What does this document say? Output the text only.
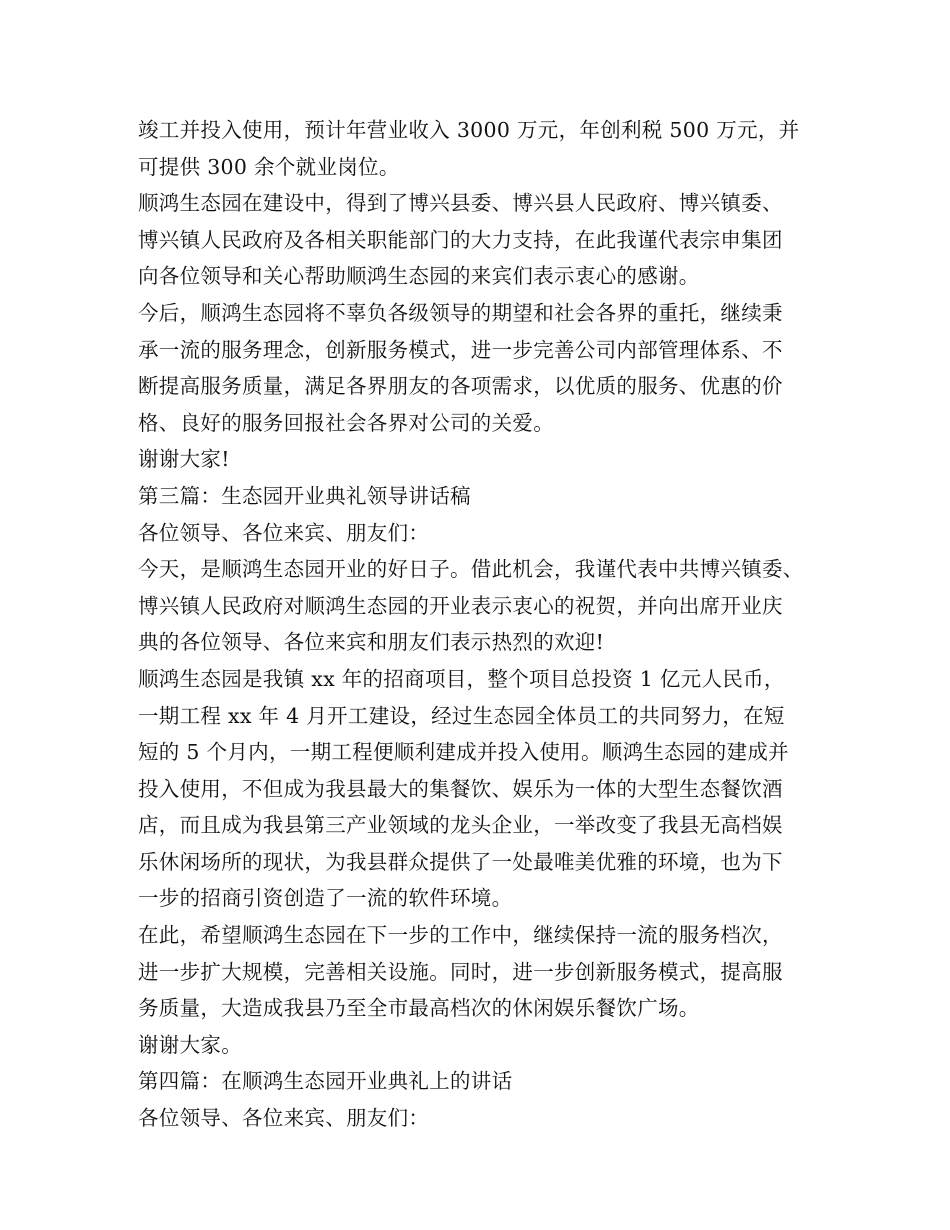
竣工并投入使用，预计年营业收入 3000 万元，年创利税 500 万元，并
可提供 300 余个就业岗位。
顺鸿生态园在建设中，得到了博兴县委、博兴县人民政府、博兴镇委、
博兴镇人民政府及各相关职能部门的大力支持，在此我谨代表宗申集团
向各位领导和关心帮助顺鸿生态园的来宾们表示衷心的感谢。
今后，顺鸿生态园将不辜负各级领导的期望和社会各界的重托，继续秉
承一流的服务理念，创新服务模式，进一步完善公司内部管理体系、不
断提高服务质量，满足各界朋友的各项需求，以优质的服务、优惠的价
格、良好的服务回报社会各界对公司的关爱。
谢谢大家!
第三篇：生态园开业典礼领导讲话稿
各位领导、各位来宾、朋友们：
今天，是顺鸿生态园开业的好日子。借此机会，我谨代表中共博兴镇委、
博兴镇人民政府对顺鸿生态园的开业表示衷心的祝贺，并向出席开业庆
典的各位领导、各位来宾和朋友们表示热烈的欢迎!
顺鸿生态园是我镇 xx 年的招商项目，整个项目总投资 1 亿元人民币，
一期工程 xx 年 4 月开工建设，经过生态园全体员工的共同努力，在短
短的 5 个月内，一期工程便顺利建成并投入使用。顺鸿生态园的建成并
投入使用，不但成为我县最大的集餐饮、娱乐为一体的大型生态餐饮酒
店，而且成为我县第三产业领域的龙头企业，一举改变了我县无高档娱
乐休闲场所的现状，为我县群众提供了一处最唯美优雅的环境，也为下
一步的招商引资创造了一流的软件环境。
在此，希望顺鸿生态园在下一步的工作中，继续保持一流的服务档次，
进一步扩大规模，完善相关设施。同时，进一步创新服务模式，提高服
务质量，大造成我县乃至全市最高档次的休闲娱乐餐饮广场。
谢谢大家。
第四篇：在顺鸿生态园开业典礼上的讲话
各位领导、各位来宾、朋友们：
